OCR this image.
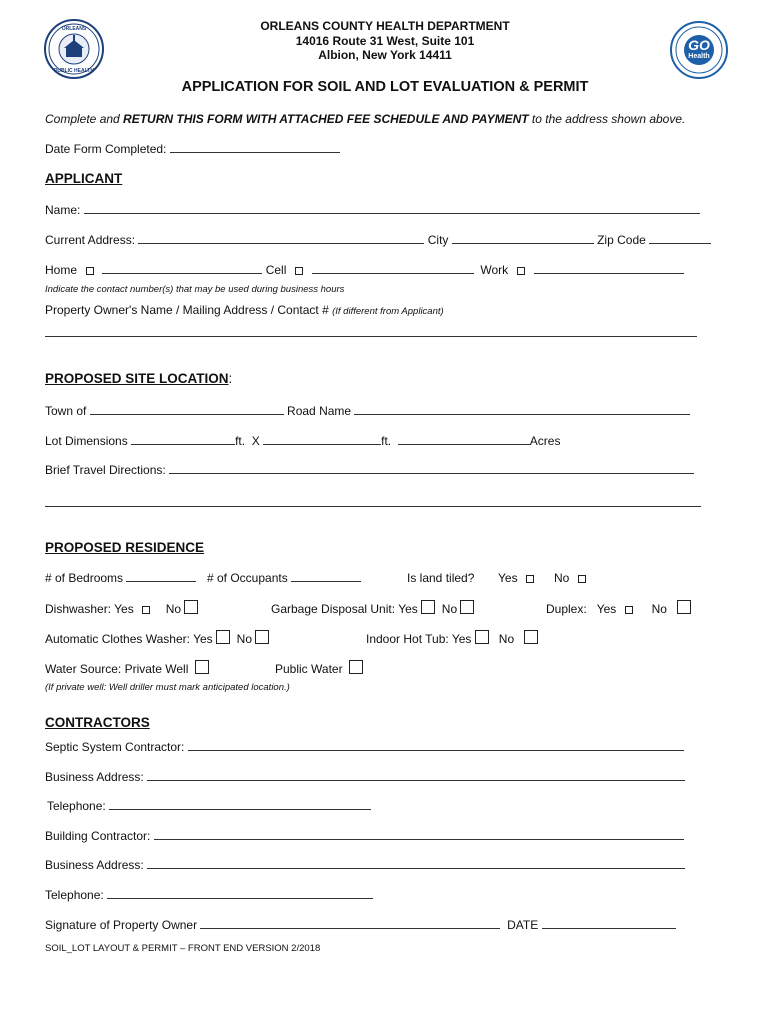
ORLEANS
PUBLIC HEALTH
GO
Health
ORLEANS COUNTY HEALTH DEPARTMENT
14016 Route 31 West, Suite 101
Albion, New York 14411
APPLICATION FOR SOIL AND LOT EVALUATION & PERMIT
Complete and RETURN THIS FORM WITH ATTACHED FEE SCHEDULE AND PAYMENT to the address shown above.
Date Form Completed:
APPLICANT
Name:
Current Address:	City	Zip Code
Home	Cell	Work
Indicate the contact number(s) that may be used during business hours
Property Owner's Name / Mailing Address / Contact # (If different from Applicant)
PROPOSED SITE LOCATION:
Town of	Road Name
Lot Dimensions	ft. X	ft.	Acres
Brief Travel Directions:
PROPOSED RESIDENCE
# of Bedrooms	# of Occupants	Is land tiled? Yes	No
Dishwasher: Yes	No	Garbage Disposal Unit: Yes No	Duplex: Yes	No
Automatic Clothes Washer: Yes No	Indoor Hot Tub: Yes No
Water Source: Private Well	Public Water
(If private well: Well driller must mark anticipated location.)
CONTRACTORS
Septic System Contractor:
Business Address:
Telephone:
Building Contractor:
Business Address:
Telephone:
Signature of Property Owner	DATE
SOIL_LOT LAYOUT & PERMIT – FRONT END VERSION 2/2018
